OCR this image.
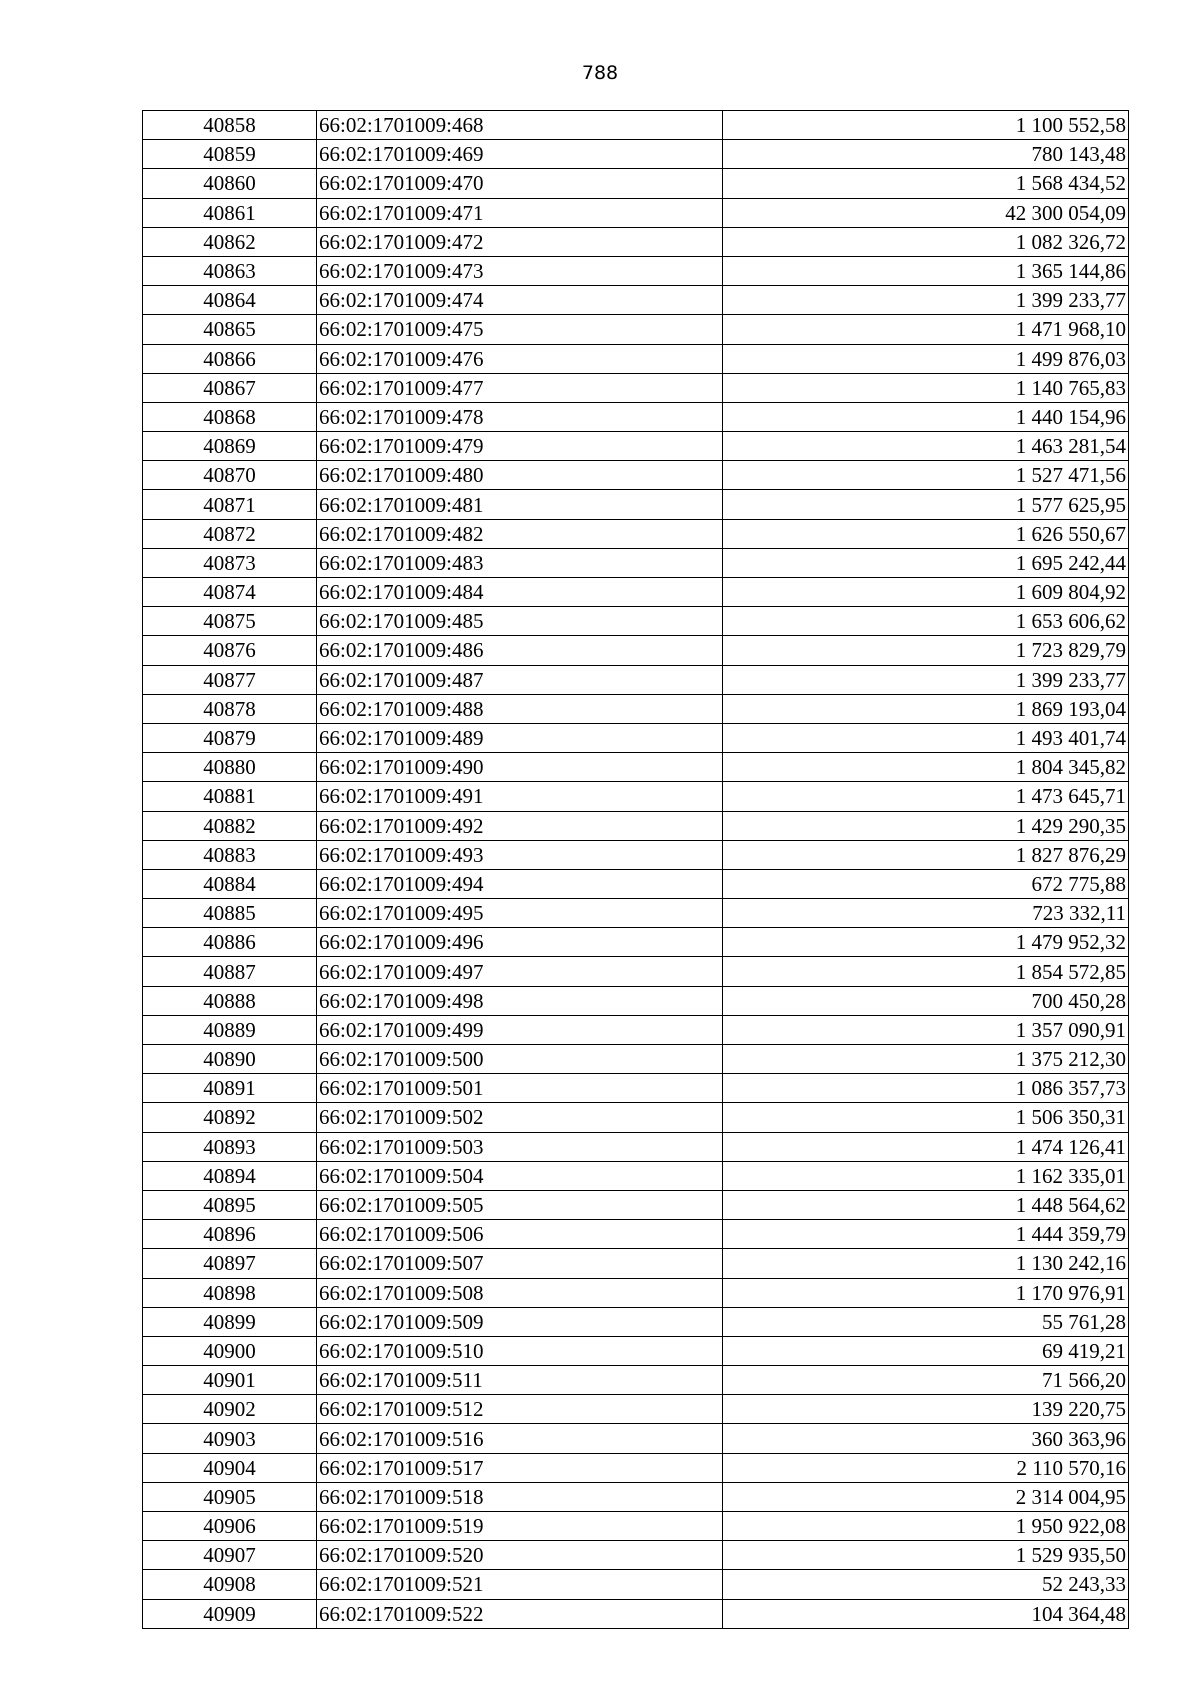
788
40858	66:02:1701009:468	1 100 552,58
40859	66:02:1701009:469	780 143,48
40860	66:02:1701009:470	1 568 434,52
40861	66:02:1701009:471	42 300 054,09
40862	66:02:1701009:472	1 082 326,72
40863	66:02:1701009:473	1 365 144,86
40864	66:02:1701009:474	1 399 233,77
40865	66:02:1701009:475	1 471 968,10
40866	66:02:1701009:476	1 499 876,03
40867	66:02:1701009:477	1 140 765,83
40868	66:02:1701009:478	1 440 154,96
40869	66:02:1701009:479	1 463 281,54
40870	66:02:1701009:480	1 527 471,56
40871	66:02:1701009:481	1 577 625,95
40872	66:02:1701009:482	1 626 550,67
40873	66:02:1701009:483	1 695 242,44
40874	66:02:1701009:484	1 609 804,92
40875	66:02:1701009:485	1 653 606,62
40876	66:02:1701009:486	1 723 829,79
40877	66:02:1701009:487	1 399 233,77
40878	66:02:1701009:488	1 869 193,04
40879	66:02:1701009:489	1 493 401,74
40880	66:02:1701009:490	1 804 345,82
40881	66:02:1701009:491	1 473 645,71
40882	66:02:1701009:492	1 429 290,35
40883	66:02:1701009:493	1 827 876,29
40884	66:02:1701009:494	672 775,88
40885	66:02:1701009:495	723 332,11
40886	66:02:1701009:496	1 479 952,32
40887	66:02:1701009:497	1 854 572,85
40888	66:02:1701009:498	700 450,28
40889	66:02:1701009:499	1 357 090,91
40890	66:02:1701009:500	1 375 212,30
40891	66:02:1701009:501	1 086 357,73
40892	66:02:1701009:502	1 506 350,31
40893	66:02:1701009:503	1 474 126,41
40894	66:02:1701009:504	1 162 335,01
40895	66:02:1701009:505	1 448 564,62
40896	66:02:1701009:506	1 444 359,79
40897	66:02:1701009:507	1 130 242,16
40898	66:02:1701009:508	1 170 976,91
40899	66:02:1701009:509	55 761,28
40900	66:02:1701009:510	69 419,21
40901	66:02:1701009:511	71 566,20
40902	66:02:1701009:512	139 220,75
40903	66:02:1701009:516	360 363,96
40904	66:02:1701009:517	2 110 570,16
40905	66:02:1701009:518	2 314 004,95
40906	66:02:1701009:519	1 950 922,08
40907	66:02:1701009:520	1 529 935,50
40908	66:02:1701009:521	52 243,33
40909	66:02:1701009:522	104 364,48
